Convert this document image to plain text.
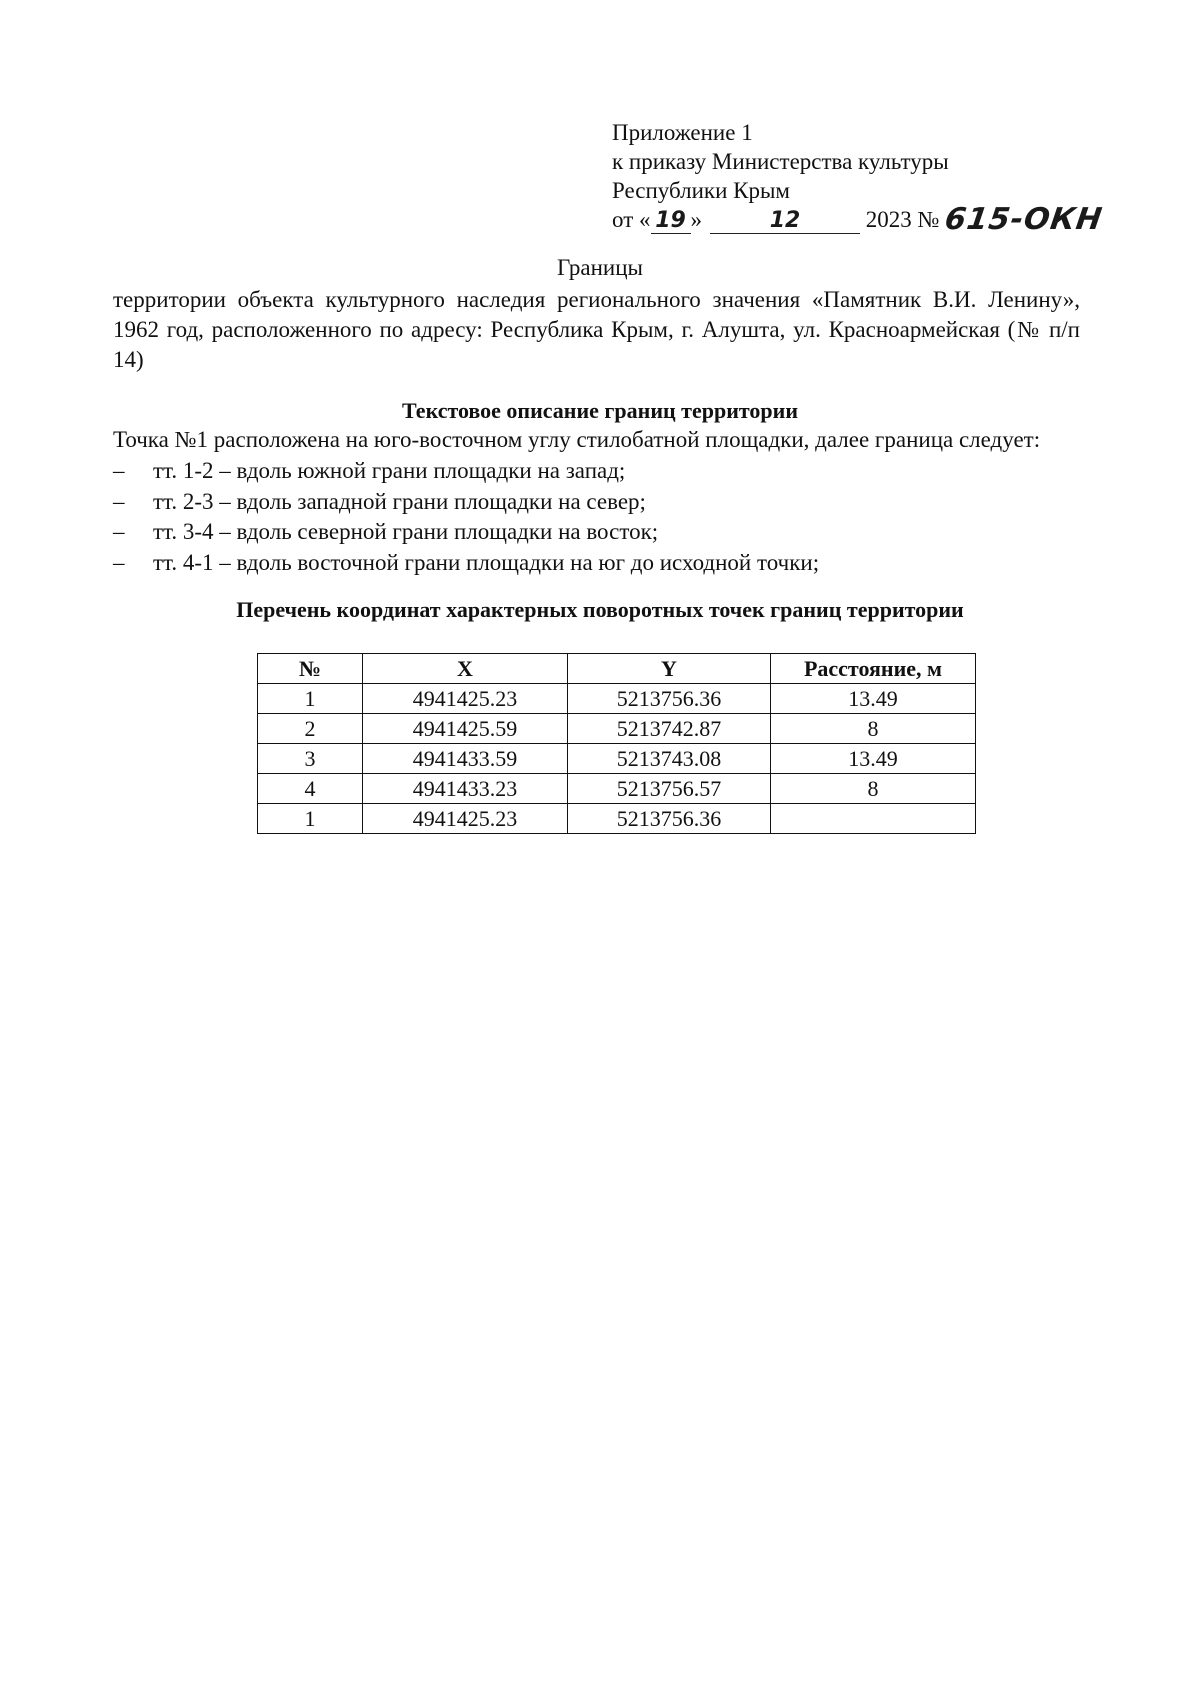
Приложение 1
к приказу Министерства культуры
Республики Крым
от « 19 »	12	2023 № 615-ОКН
Границы
территории объекта культурного наследия регионального значения «Памятник В.И. Ленину», 1962 год, расположенного по адресу: Республика Крым, г. Алушта, ул. Красноармейская (№ п/п 14)
Текстовое описание границ территории
Точка №1 расположена на юго-восточном углу стилобатной площадки, далее граница следует:
– тт. 1-2 – вдоль южной грани площадки на запад;
– тт. 2-3 – вдоль западной грани площадки на север;
– тт. 3-4 – вдоль северной грани площадки на восток;
– тт. 4-1 – вдоль восточной грани площадки на юг до исходной точки;
Перечень координат характерных поворотных точек границ территории
№	X	Y	Расстояние, м
1	4941425.23	5213756.36	13.49
2	4941425.59	5213742.87	8
3	4941433.59	5213743.08	13.49
4	4941433.23	5213756.57	8
1	4941425.23	5213756.36	
